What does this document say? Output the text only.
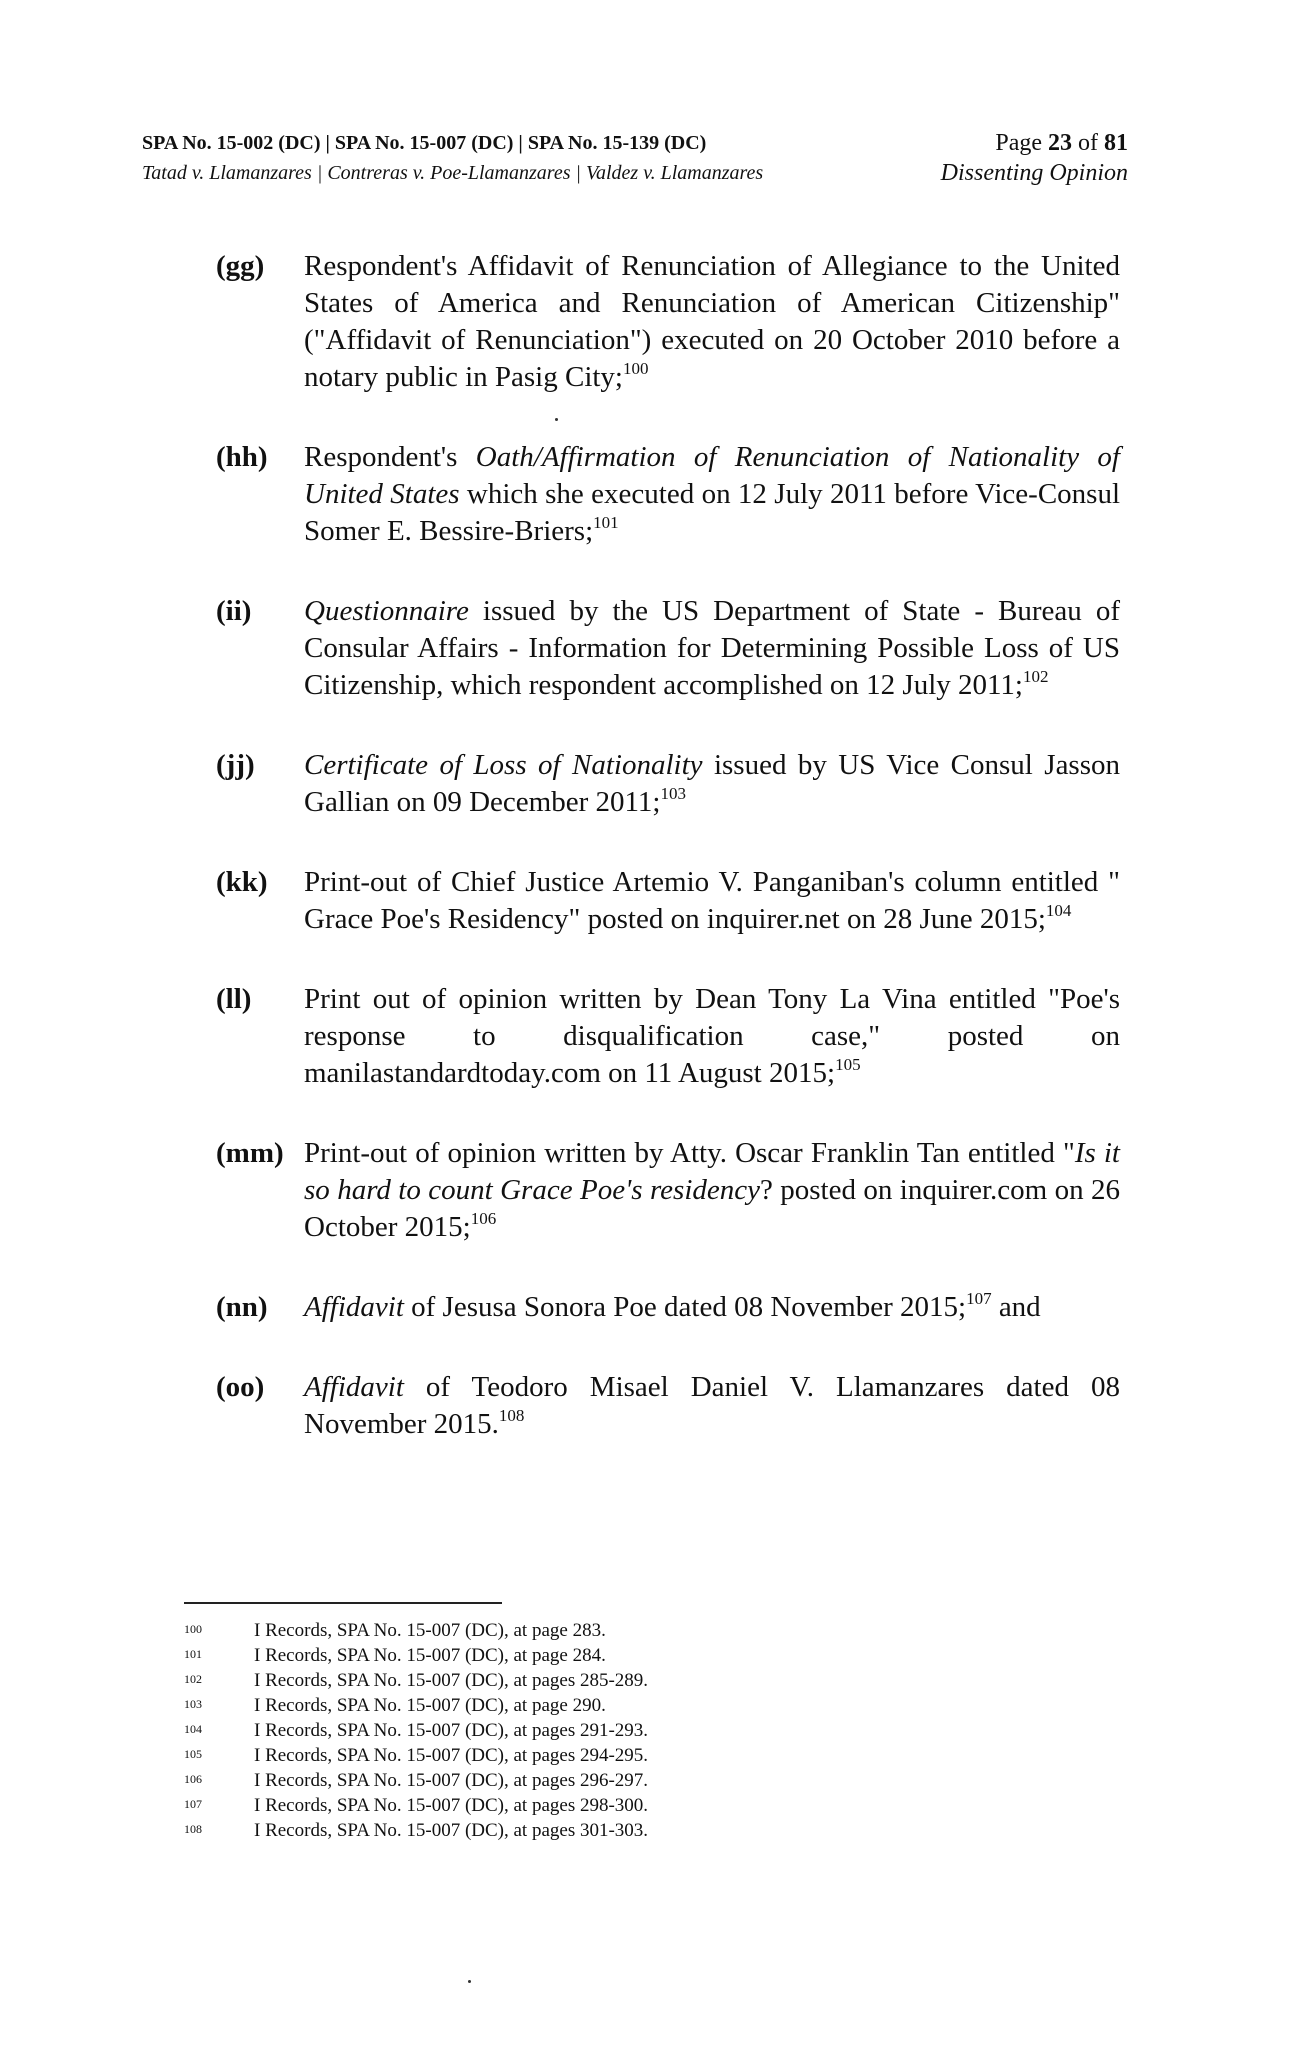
SPA No. 15-002 (DC) | SPA No. 15-007 (DC) | SPA No. 15-139 (DC)
Tatad v. Llamanzares | Contreras v. Poe-Llamanzares | Valdez v. Llamanzares
Page 23 of 81
Dissenting Opinion
(gg)	Respondent's Affidavit of Renunciation of Allegiance to the United States of America and Renunciation of American Citizenship" ("Affidavit of Renunciation") executed on 20 October 2010 before a notary public in Pasig City;$^{100}$
(hh)	Respondent's Oath/Affirmation of Renunciation of Nationality of United States which she executed on 12 July 2011 before Vice-Consul Somer E. Bessire-Briers;$^{101}$
(ii)	Questionnaire issued by the US Department of State - Bureau of Consular Affairs - Information for Determining Possible Loss of US Citizenship, which respondent accomplished on 12 July 2011;$^{102}$
(jj)	Certificate of Loss of Nationality issued by US Vice Consul Jasson Gallian on 09 December 2011;$^{103}$
(kk)	Print-out of Chief Justice Artemio V. Panganiban's column entitled " Grace Poe's Residency" posted on inquirer.net on 28 June 2015;$^{104}$
(ll)	Print out of opinion written by Dean Tony La Vina entitled "Poe's response to disqualification case," posted on manilastandardtoday.com on 11 August 2015;$^{105}$
(mm) Print-out of opinion written by Atty. Oscar Franklin Tan entitled "Is it so hard to count Grace Poe's residency? posted on inquirer.com on 26 October 2015;$^{106}$
(nn)	Affidavit of Jesusa Sonora Poe dated 08 November 2015;$^{107}$ and
(oo)	Affidavit of Teodoro Misael Daniel V. Llamanzares dated 08 November 2015.$^{108}$
100	I Records, SPA No. 15-007 (DC), at page 283.
101	I Records, SPA No. 15-007 (DC), at page 284.
102	I Records, SPA No. 15-007 (DC), at pages 285-289.
103	I Records, SPA No. 15-007 (DC), at page 290.
104	I Records, SPA No. 15-007 (DC), at pages 291-293.
105	I Records, SPA No. 15-007 (DC), at pages 294-295.
106	I Records, SPA No. 15-007 (DC), at pages 296-297.
107	I Records, SPA No. 15-007 (DC), at pages 298-300.
108	I Records, SPA No. 15-007 (DC), at pages 301-303.
